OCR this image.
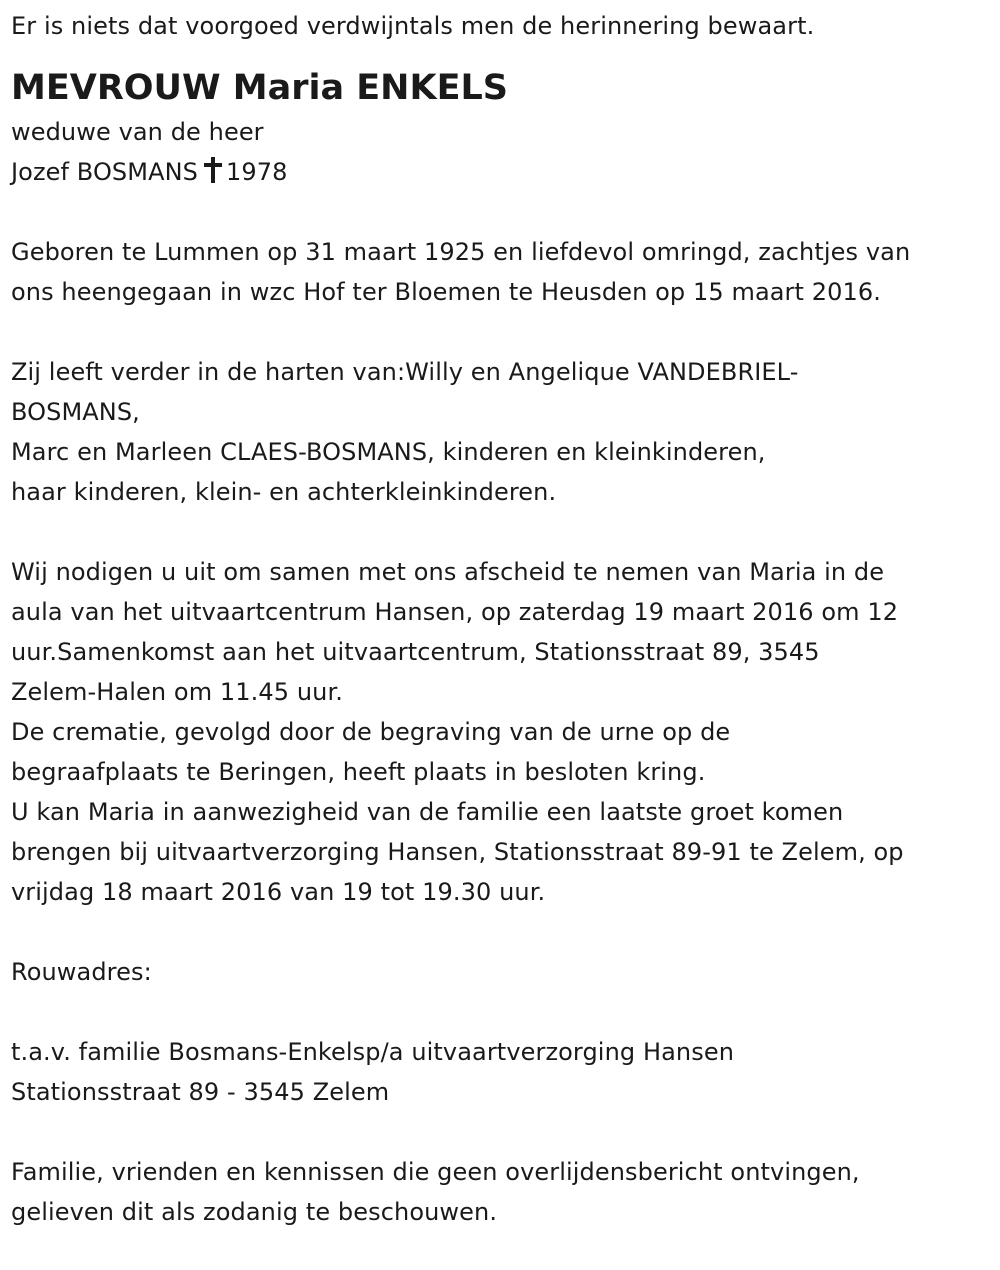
Er is niets dat voorgoed verdwijntals men de herinnering bewaart.
MEVROUW Maria ENKELS
weduwe van de heer
Jozef BOSMANS 1978
Geboren te Lummen op 31 maart 1925 en liefdevol omringd, zachtjes van
ons heengegaan in wzc Hof ter Bloemen te Heusden op 15 maart 2016.
Zij leeft verder in de harten van:Willy en Angelique VANDEBRIEL-
BOSMANS,
Marc en Marleen CLAES-BOSMANS, kinderen en kleinkinderen,
haar kinderen, klein- en achterkleinkinderen.
Wij nodigen u uit om samen met ons afscheid te nemen van Maria in de
aula van het uitvaartcentrum Hansen, op zaterdag 19 maart 2016 om 12
uur.Samenkomst aan het uitvaartcentrum, Stationsstraat 89, 3545
Zelem-Halen om 11.45 uur.
De crematie, gevolgd door de begraving van de urne op de
begraafplaats te Beringen, heeft plaats in besloten kring.
U kan Maria in aanwezigheid van de familie een laatste groet komen
brengen bij uitvaartverzorging Hansen, Stationsstraat 89-91 te Zelem, op
vrijdag 18 maart 2016 van 19 tot 19.30 uur.
Rouwadres:
t.a.v. familie Bosmans-Enkelsp/a uitvaartverzorging Hansen
Stationsstraat 89 - 3545 Zelem
Familie, vrienden en kennissen die geen overlijdensbericht ontvingen,
gelieven dit als zodanig te beschouwen.
